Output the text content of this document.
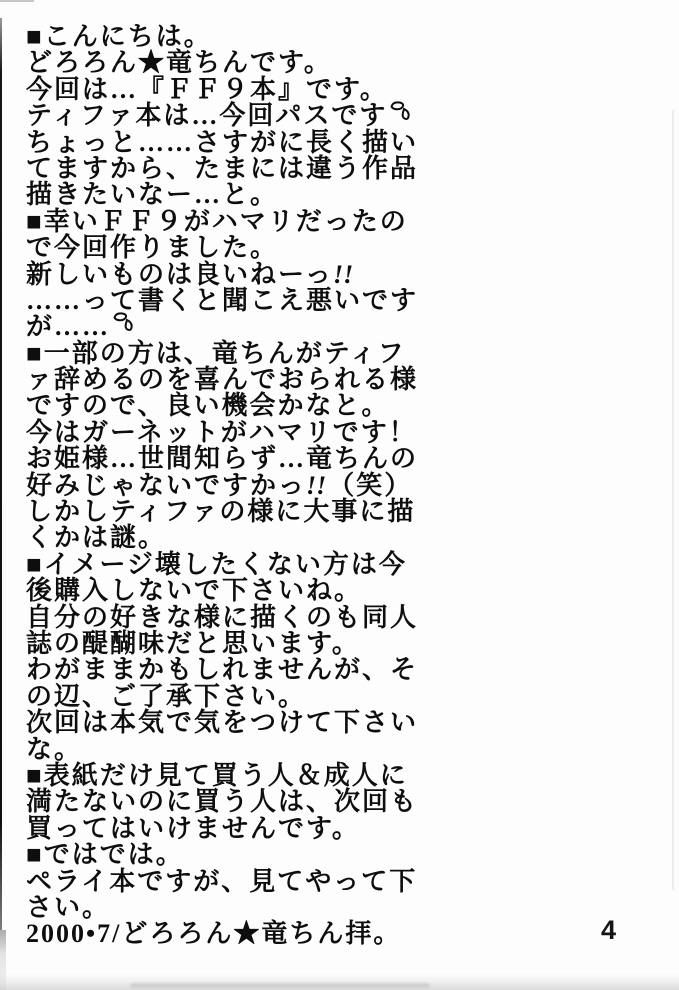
■こんにちは。
どろろん★竜ちんです。
今回は…『ＦＦ９本』です。
ティファ本は…今回パスです
ちょっと……さすがに長く描い
てますから、たまには違う作品
描きたいなー…と。
■幸いＦＦ９がハマリだったの
で今回作りました。
新しいものは良いねーっ!!
……って書くと聞こえ悪いです
が……
■一部の方は、竜ちんがティフ
ァ辞めるのを喜んでおられる様
ですので、良い機会かなと。
今はガーネットがハマリです！
お姫様…世間知らず…竜ちんの
好みじゃないですかっ!!（笑）
しかしティファの様に大事に描
くかは謎。
■イメージ壊したくない方は今
後購入しないで下さいね。
自分の好きな様に描くのも同人
誌の醍醐味だと思います。
わがままかもしれませんが、そ
の辺、ご了承下さい。
次回は本気で気をつけて下さい
な。
■表紙だけ見て買う人＆成人に
満たないのに買う人は、次回も
買ってはいけませんです。
■ではでは。
ペライ本ですが、見てやって下
さい。
2000•7/どろろん★竜ちん拝。	4
